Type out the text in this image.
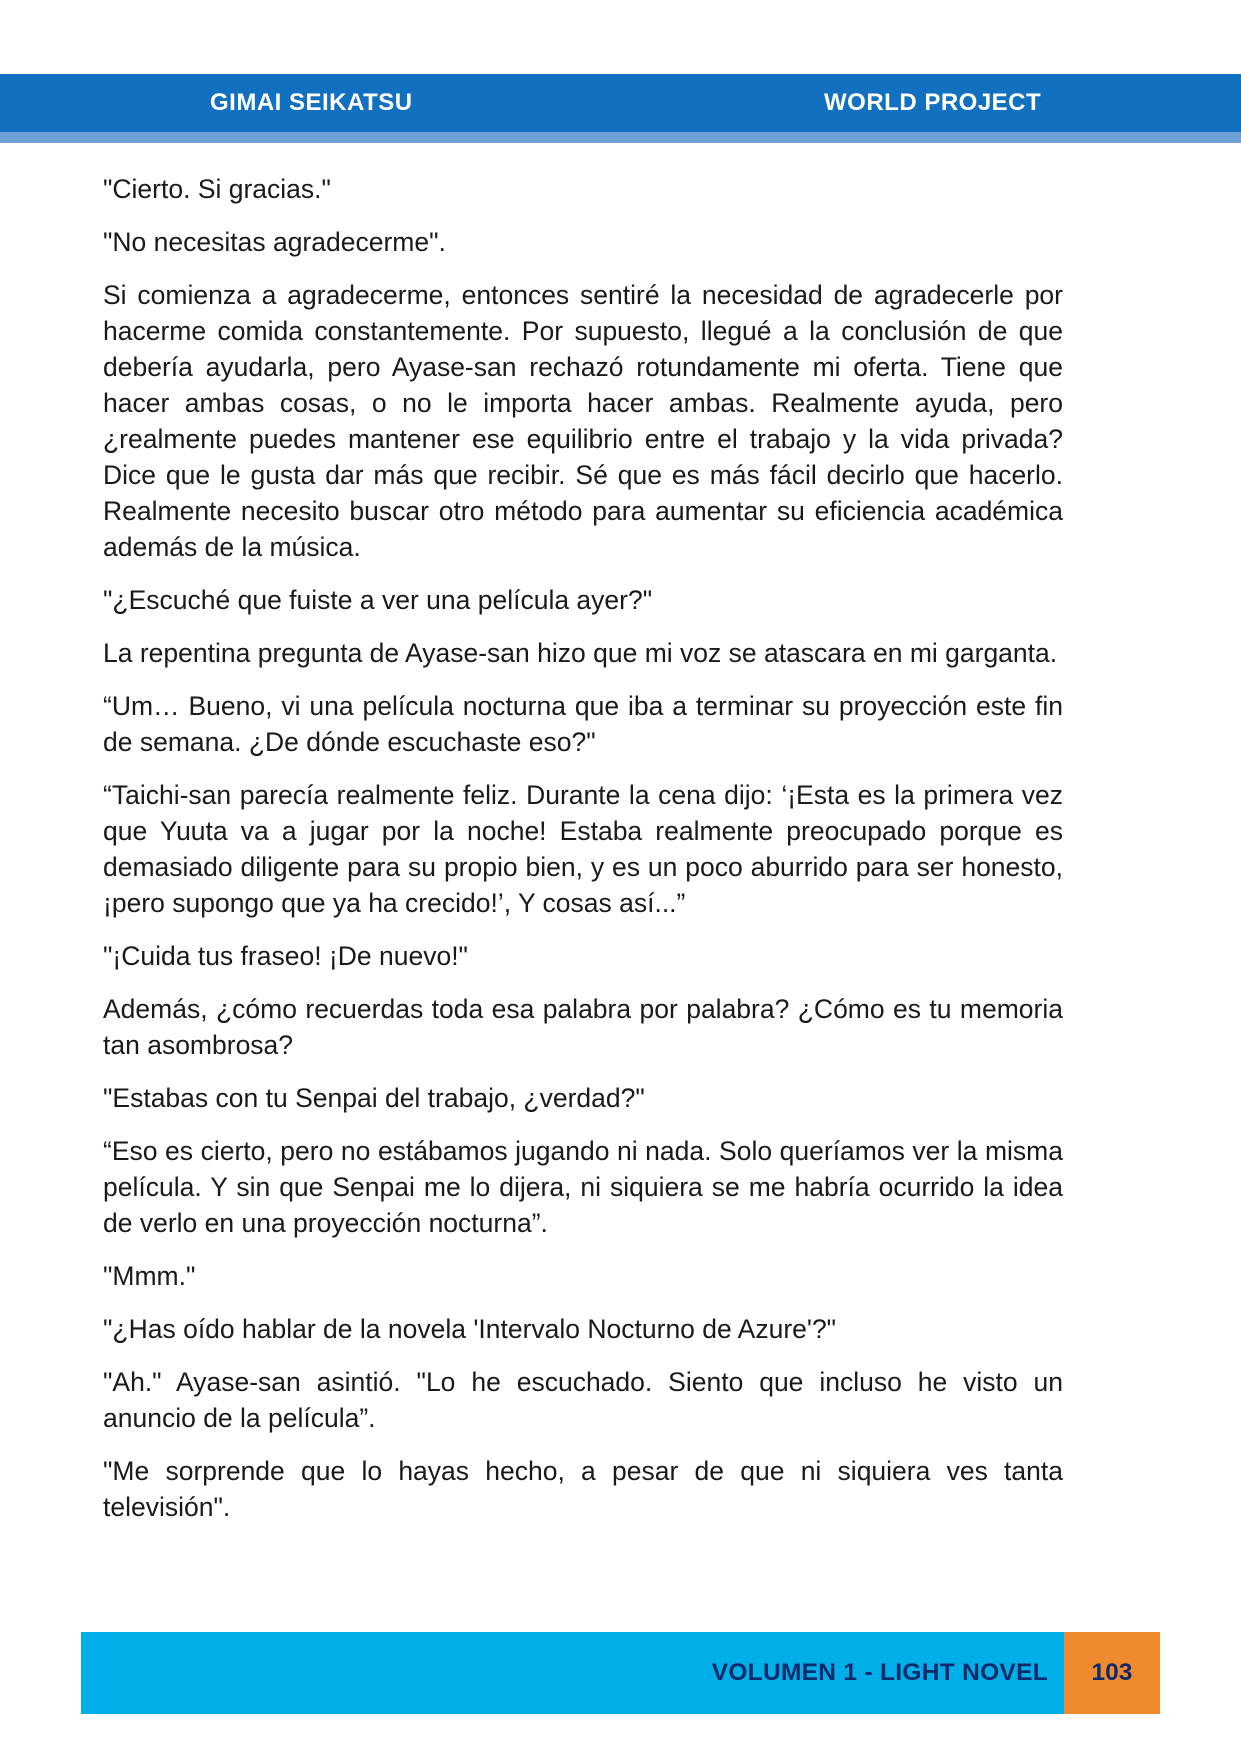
GIMAI SEIKATSU	WORLD PROJECT

"Cierto. Si gracias."

"No necesitas agradecerme".

Si comienza a agradecerme, entonces sentiré la necesidad de agradecerle por hacerme comida constantemente. Por supuesto, llegué a la conclusión de que debería ayudarla, pero Ayase-san rechazó rotundamente mi oferta. Tiene que hacer ambas cosas, o no le importa hacer ambas. Realmente ayuda, pero ¿realmente puedes mantener ese equilibrio entre el trabajo y la vida privada? Dice que le gusta dar más que recibir. Sé que es más fácil decirlo que hacerlo. Realmente necesito buscar otro método para aumentar su eficiencia académica además de la música.

"¿Escuché que fuiste a ver una película ayer?"

La repentina pregunta de Ayase-san hizo que mi voz se atascara en mi garganta.

“Um… Bueno, vi una película nocturna que iba a terminar su proyección este fin de semana. ¿De dónde escuchaste eso?"

“Taichi-san parecía realmente feliz. Durante la cena dijo: ‘¡Esta es la primera vez que Yuuta va a jugar por la noche! Estaba realmente preocupado porque es demasiado diligente para su propio bien, y es un poco aburrido para ser honesto, ¡pero supongo que ya ha crecido!’, Y cosas así...”

"¡Cuida tus fraseo! ¡De nuevo!"

Además, ¿cómo recuerdas toda esa palabra por palabra? ¿Cómo es tu memoria tan asombrosa?

"Estabas con tu Senpai del trabajo, ¿verdad?"

“Eso es cierto, pero no estábamos jugando ni nada. Solo queríamos ver la misma película. Y sin que Senpai me lo dijera, ni siquiera se me habría ocurrido la idea de verlo en una proyección nocturna”.

"Mmm."

"¿Has oído hablar de la novela 'Intervalo Nocturno de Azure'?"

"Ah." Ayase-san asintió. "Lo he escuchado. Siento que incluso he visto un anuncio de la película”.

"Me sorprende que lo hayas hecho, a pesar de que ni siquiera ves tanta televisión".

VOLUMEN 1 - LIGHT NOVEL	103
